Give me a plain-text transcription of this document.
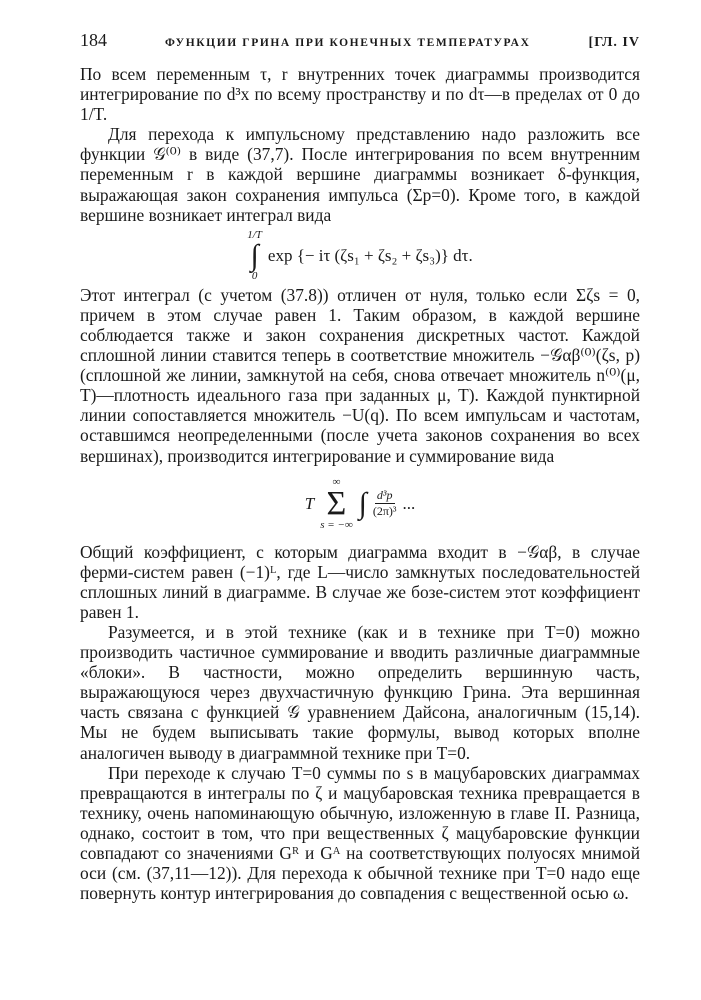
184	ФУНКЦИИ ГРИНА ПРИ КОНЕЧНЫХ ТЕМПЕРАТУРАХ	[ГЛ. IV

По всем переменным τ, r внутренних точек диаграммы производится интегрирование по d³x по всему пространству и по dτ—в пределах от 0 до 1/T.

Для перехода к импульсному представлению надо разложить все функции 𝒢⁽⁰⁾ в виде (37,7). После интегрирования по всем внутренним переменным r в каждой вершине диаграммы возникает δ-функция, выражающая закон сохранения импульса (Σp=0). Кроме того, в каждой вершине возникает интеграл вида

1/T
∫
0
exp {− iτ (ζs₁ + ζs₂ + ζs₃)} dτ.

Этот интеграл (с учетом (37.8)) отличен от нуля, только если Σζs = 0, причем в этом случае равен 1. Таким образом, в каждой вершине соблюдается также и закон сохранения дискретных частот. Каждой сплошной линии ставится теперь в соответствие множитель −𝒢αβ⁽⁰⁾(ζs, p) (сплошной же линии, замкнутой на себя, снова отвечает множитель n⁽⁰⁾(μ, T)—плотность идеального газа при заданных μ, T). Каждой пунктирной линии сопоставляется множитель −U(q). По всем импульсам и частотам, оставшимся неопределенными (после учета законов сохранения во всех вершинах), производится интегрирование и суммирование вида

T
∞
Σ
s = −∞
∫ $\frac{\text{d³p}}{\text{(2π)³}}$ ...

Общий коэффициент, с которым диаграмма входит в −𝒢αβ, в случае ферми-систем равен (−1)ᴸ, где L—число замкнутых последовательностей сплошных линий в диаграмме. В случае же бозе-систем этот коэффициент равен 1.

Разумеется, и в этой технике (как и в технике при T=0) можно производить частичное суммирование и вводить различные диаграммные «блоки». В частности, можно определить вершинную часть, выражающуюся через двухчастичную функцию Грина. Эта вершинная часть связана с функцией 𝒢 уравнением Дайсона, аналогичным (15,14). Мы не будем выписывать такие формулы, вывод которых вполне аналогичен выводу в диаграммной технике при T=0.

При переходе к случаю T=0 суммы по s в мацубаровских диаграммах превращаются в интегралы по ζ и мацубаровская техника превращается в технику, очень напоминающую обычную, изложенную в главе II. Разница, однако, состоит в том, что при вещественных ζ мацубаровские функции совпадают со значениями Gᴿ и Gᴬ на соответствующих полуосях мнимой оси (см. (37,11—12)). Для перехода к обычной технике при T=0 надо еще повернуть контур интегрирования до совпадения с вещественной осью ω.
